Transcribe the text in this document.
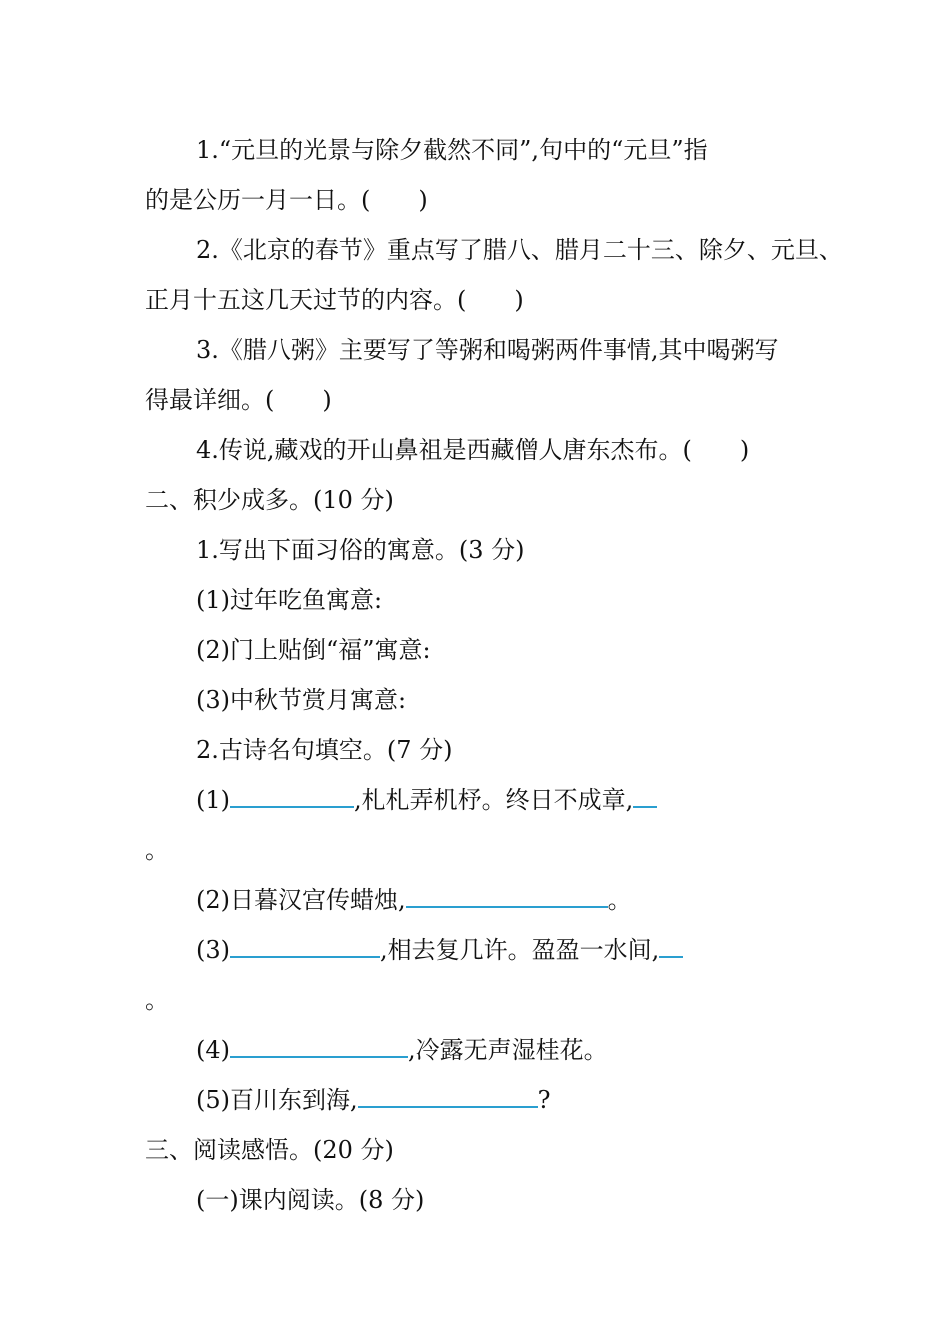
1.“元旦的光景与除夕截然不同”,句中的“元旦”指
的是公历一月一日。(　　)
2.《北京的春节》重点写了腊八、腊月二十三、除夕、元旦、
正月十五这几天过节的内容。(　　)
3.《腊八粥》主要写了等粥和喝粥两件事情,其中喝粥写
得最详细。(　　)
4.传说,藏戏的开山鼻祖是西藏僧人唐东杰布。(　　)
二、积少成多。(10 分)
1.写出下面习俗的寓意。(3 分)
(1)过年吃鱼寓意:
(2)门上贴倒“福”寓意:
(3)中秋节赏月寓意:
2.古诗名句填空。(7 分)
(1)	,札札弄机杼。终日不成章,
。
(2)日暮汉宫传蜡烛,	。
(3)	,相去复几许。盈盈一水间,
。
(4)	,冷露无声湿桂花。
(5)百川东到海,	?
三、阅读感悟。(20 分)
(一)课内阅读。(8 分)
